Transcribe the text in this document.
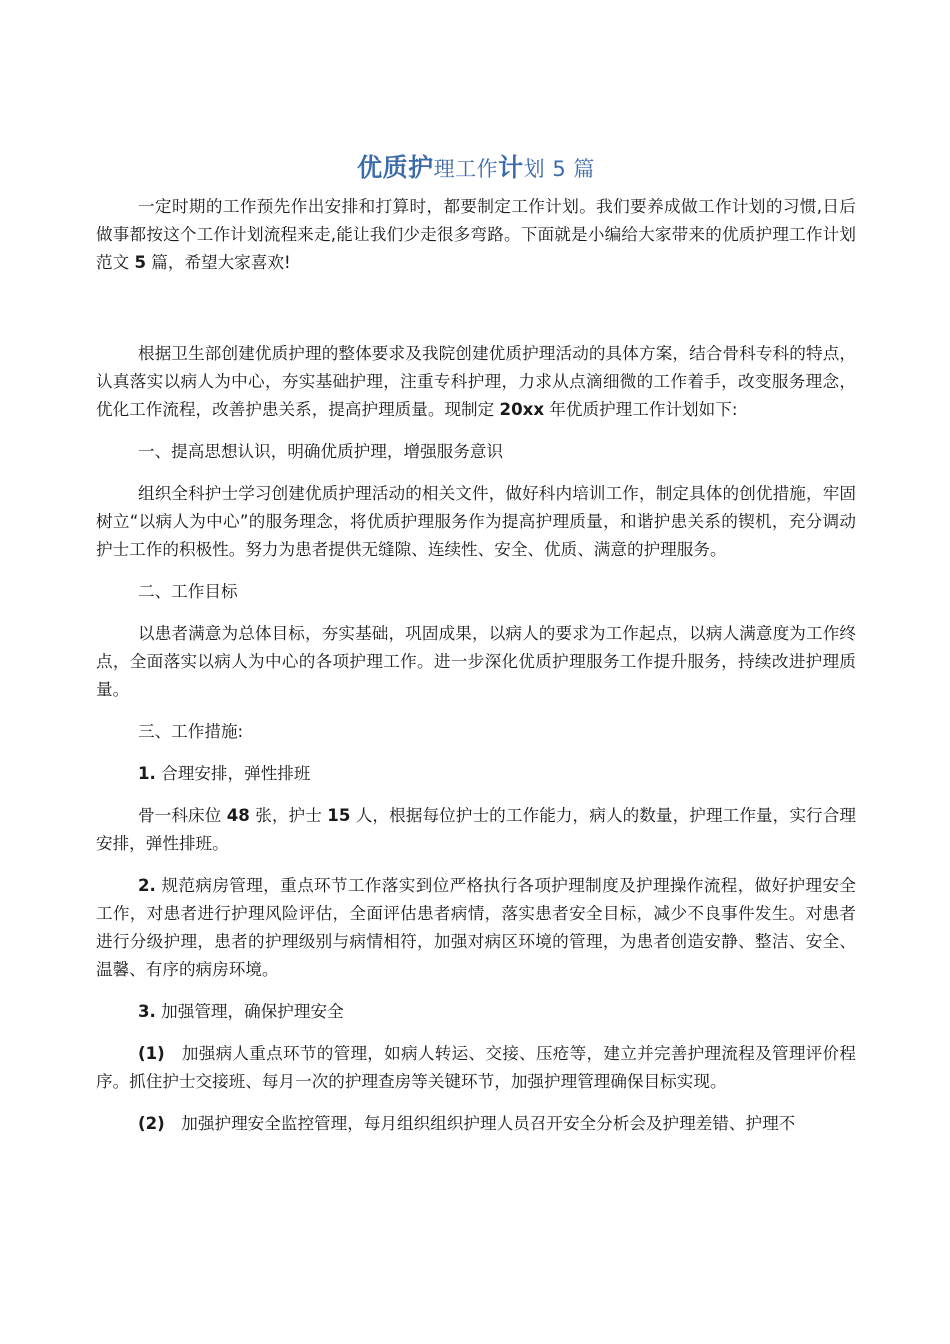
优质护理工作计划 5 篇

一定时期的工作预先作出安排和打算时，都要制定工作计划。我们要养成做工作计划的习惯,日后做事都按这个工作计划流程来走,能让我们少走很多弯路。下面就是小编给大家带来的优质护理工作计划范文 5 篇，希望大家喜欢!

根据卫生部创建优质护理的整体要求及我院创建优质护理活动的具体方案，结合骨科专科的特点，认真落实以病人为中心，夯实基础护理，注重专科护理，力求从点滴细微的工作着手，改变服务理念，优化工作流程，改善护患关系，提高护理质量。现制定 20xx 年优质护理工作计划如下:

一、提高思想认识，明确优质护理，增强服务意识

组织全科护士学习创建优质护理活动的相关文件，做好科内培训工作，制定具体的创优措施，牢固树立“以病人为中心”的服务理念，将优质护理服务作为提高护理质量，和谐护患关系的锲机，充分调动护士工作的积极性。努力为患者提供无缝隙、连续性、安全、优质、满意的护理服务。

二、工作目标

以患者满意为总体目标，夯实基础，巩固成果，以病人的要求为工作起点，以病人满意度为工作终点，全面落实以病人为中心的各项护理工作。进一步深化优质护理服务工作提升服务，持续改进护理质量。

三、工作措施:

1. 合理安排，弹性排班

骨一科床位 48 张，护士 15 人，根据每位护士的工作能力，病人的数量，护理工作量，实行合理安排，弹性排班。

2. 规范病房管理，重点环节工作落实到位严格执行各项护理制度及护理操作流程，做好护理安全工作，对患者进行护理风险评估，全面评估患者病情，落实患者安全目标，减少不良事件发生。对患者进行分级护理，患者的护理级别与病情相符，加强对病区环境的管理，为患者创造安静、整洁、安全、温馨、有序的病房环境。

3. 加强管理，确保护理安全

(1)　加强病人重点环节的管理，如病人转运、交接、压疮等，建立并完善护理流程及管理评价程序。抓住护士交接班、每月一次的护理查房等关键环节，加强护理管理确保目标实现。

(2)　加强护理安全监控管理，每月组织组织护理人员召开安全分析会及护理差错、护理不
